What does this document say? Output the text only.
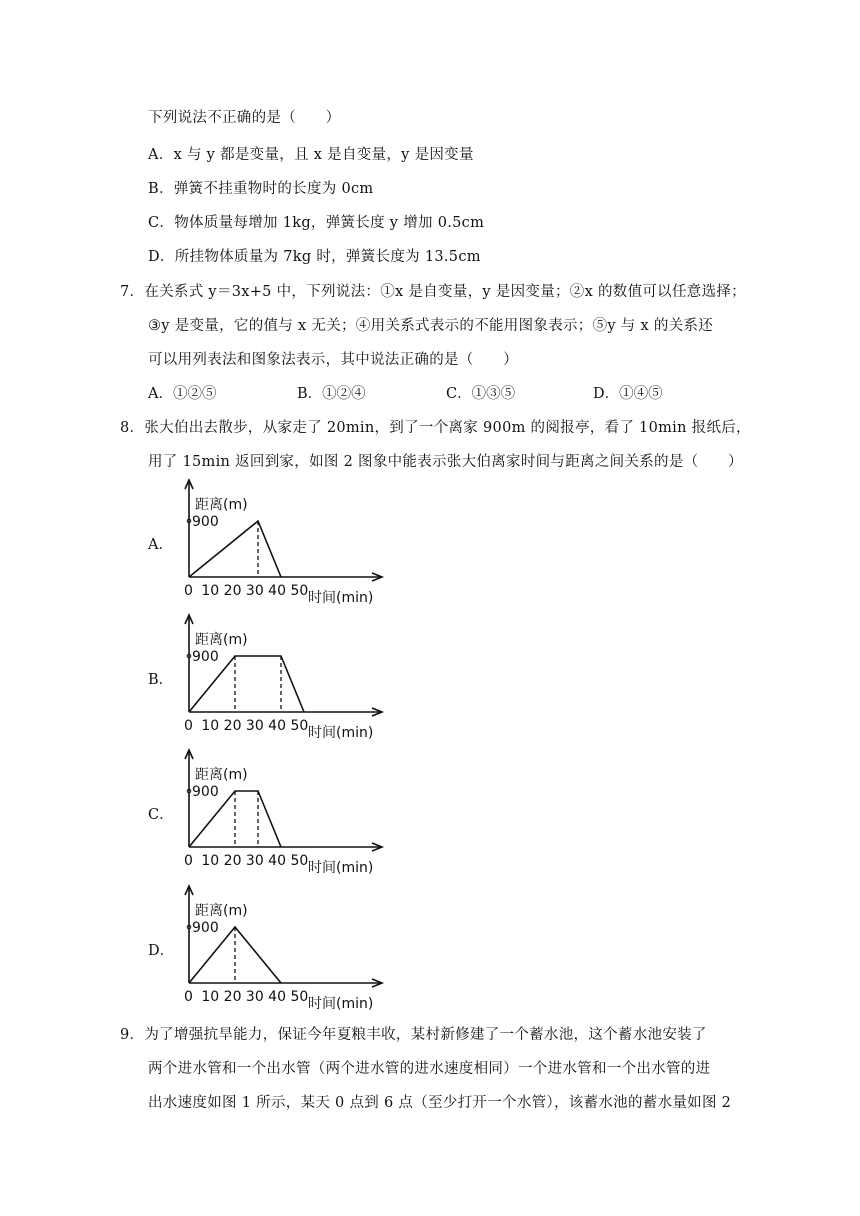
下列说法不正确的是（　　）
A．x 与 y 都是变量，且 x 是自变量，y 是因变量
B．弹簧不挂重物时的长度为 0cm
C．物体质量每增加 1kg，弹簧长度 y 增加 0.5cm
D．所挂物体质量为 7kg 时，弹簧长度为 13.5cm
7．在关系式 y＝3x+5 中，下列说法：①x 是自变量，y 是因变量；②x 的数值可以任意选择；
③y 是变量，它的值与 x 无关；④用关系式表示的不能用图象表示；⑤y 与 x 的关系还
可以用列表法和图象法表示，其中说法正确的是（　　）
A．①②⑤	B．①②④	C．①③⑤	D．①④⑤
8．张大伯出去散步，从家走了 20min，到了一个离家 900m 的阅报亭，看了 10min 报纸后，
用了 15min 返回到家，如图 2 图象中能表示张大伯离家时间与距离之间关系的是（　　）
A．
B．
C．
D．
距离(m)
900
0 10 20 30 40 50 时间(min)
距离(m)
900
0 10 20 30 40 50 时间(min)
距离(m)
900
0 10 20 30 40 50 时间(min)
距离(m)
900
0 10 20 30 40 50 时间(min)
9．为了增强抗旱能力，保证今年夏粮丰收，某村新修建了一个蓄水池，这个蓄水池安装了
两个进水管和一个出水管（两个进水管的进水速度相同）一个进水管和一个出水管的进
出水速度如图 1 所示，某天 0 点到 6 点（至少打开一个水管），该蓄水池的蓄水量如图 2
